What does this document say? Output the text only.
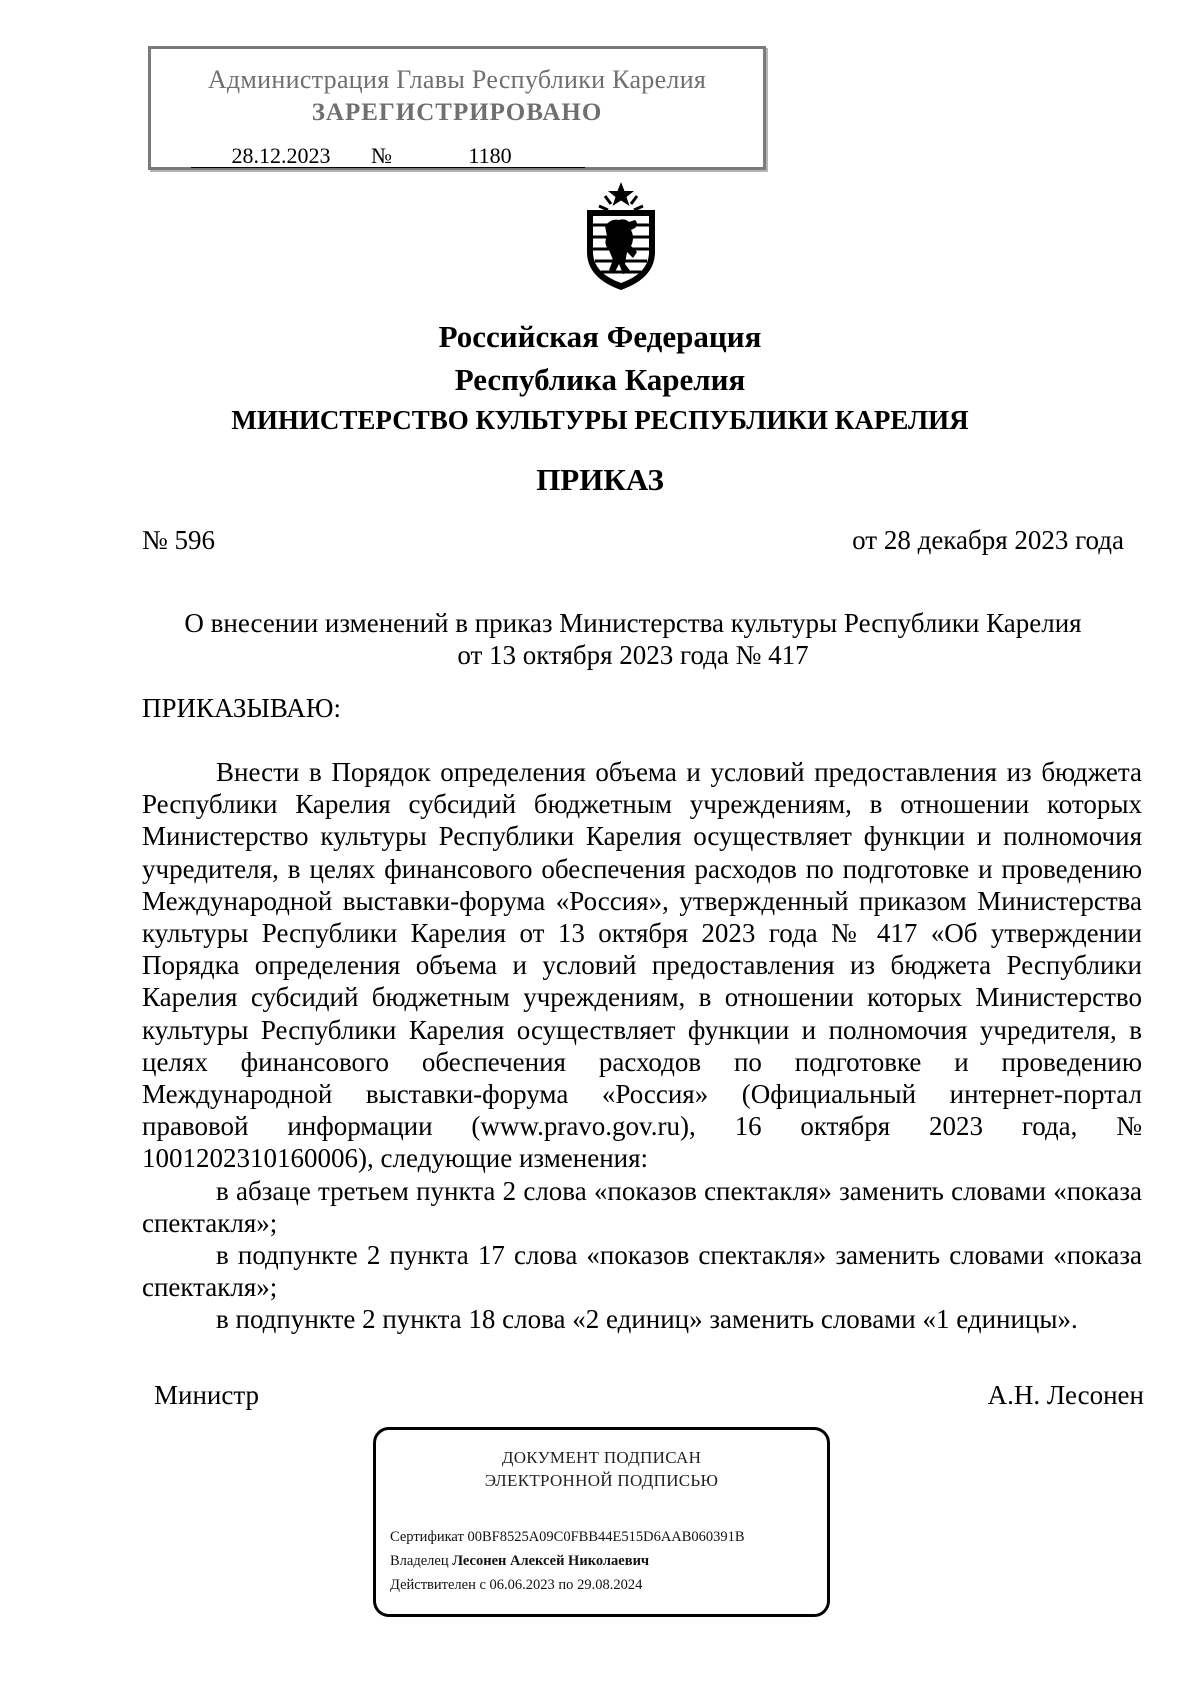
Администрация Главы Республики Карелия
ЗАРЕГИСТРИРОВАНО
28.12.2023 №	1180
Российская Федерация
Республика Карелия
МИНИСТЕРСТВО КУЛЬТУРЫ РЕСПУБЛИКИ КАРЕЛИЯ
ПРИКАЗ
№ 596	от 28 декабря 2023 года
О внесении изменений в приказ Министерства культуры Республики Карелия
от 13 октября 2023 года № 417
ПРИКАЗЫВАЮ:

Внести в Порядок определения объема и условий предоставления из бюджета Республики Карелия субсидий бюджетным учреждениям, в отношении которых Министерство культуры Республики Карелия осуществляет функции и полномочия учредителя, в целях финансового обеспечения расходов по подготовке и проведению Международной выставки-форума «Россия», утвержденный приказом Министерства культуры Республики Карелия от 13 октября 2023 года № 417 «Об утверждении Порядка определения объема и условий предоставления из бюджета Республики Карелия субсидий бюджетным учреждениям, в отношении которых Министерство культуры Республики Карелия осуществляет функции и полномочия учредителя, в целях финансового обеспечения расходов по подготовке и проведению Международной выставки-форума «Россия» (Официальный интернет-портал правовой информации (www.pravo.gov.ru), 16 октября 2023 года, № 1001202310160006), следующие изменения:

в абзаце третьем пункта 2 слова «показов спектакля» заменить словами «показа спектакля»;

в подпункте 2 пункта 17 слова «показов спектакля» заменить словами «показа спектакля»;

в подпункте 2 пункта 18 слова «2 единиц» заменить словами «1 единицы».

Министр	А.Н. Лесонен
ДОКУМЕНТ ПОДПИСАН
ЭЛЕКТРОННОЙ ПОДПИСЬЮ
Сертификат 00BF8525A09C0FBB44E515D6AAB060391B
Владелец Лесонен Алексей Николаевич
Действителен с 06.06.2023 по 29.08.2024
